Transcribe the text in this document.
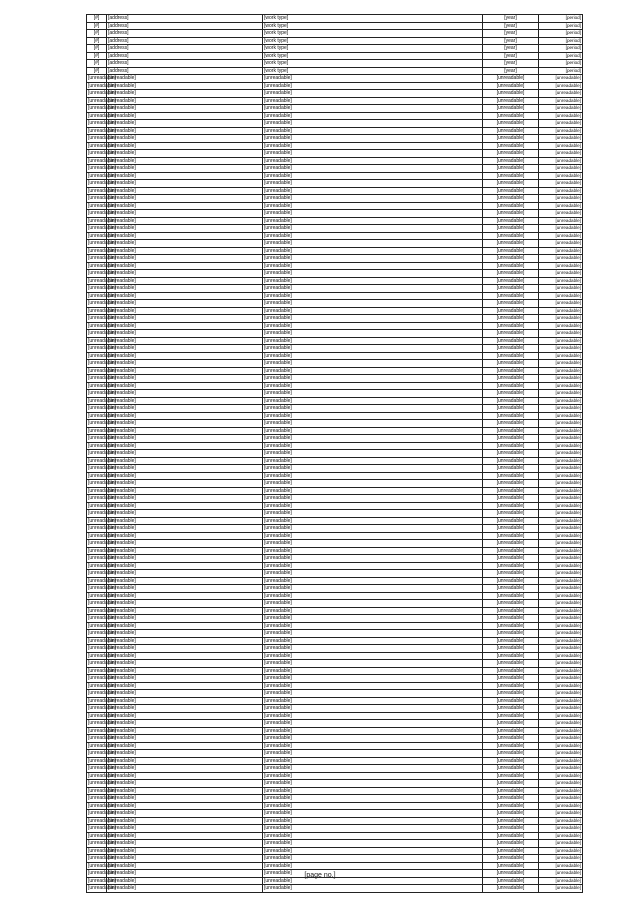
[#]	[address]	[work type]	[year]	[period]
[#]	[address]	[work type]	[year]	[period]
[#]	[address]	[work type]	[year]	[period]
[#]	[address]	[work type]	[year]	[period]
[#]	[address]	[work type]	[year]	[period]
[#]	[address]	[work type]	[year]	[period]
[#]	[address]	[work type]	[year]	[period]
[#]	[address]	[work type]	[year]	[period]
[unreadable]	[unreadable]	[unreadable]	[unreadable]	[unreadable]
[unreadable]	[unreadable]	[unreadable]	[unreadable]	[unreadable]
[unreadable]	[unreadable]	[unreadable]	[unreadable]	[unreadable]
[unreadable]	[unreadable]	[unreadable]	[unreadable]	[unreadable]
[unreadable]	[unreadable]	[unreadable]	[unreadable]	[unreadable]
[unreadable]	[unreadable]	[unreadable]	[unreadable]	[unreadable]
[unreadable]	[unreadable]	[unreadable]	[unreadable]	[unreadable]
[unreadable]	[unreadable]	[unreadable]	[unreadable]	[unreadable]
[unreadable]	[unreadable]	[unreadable]	[unreadable]	[unreadable]
[unreadable]	[unreadable]	[unreadable]	[unreadable]	[unreadable]
[unreadable]	[unreadable]	[unreadable]	[unreadable]	[unreadable]
[unreadable]	[unreadable]	[unreadable]	[unreadable]	[unreadable]
[unreadable]	[unreadable]	[unreadable]	[unreadable]	[unreadable]
[unreadable]	[unreadable]	[unreadable]	[unreadable]	[unreadable]
[unreadable]	[unreadable]	[unreadable]	[unreadable]	[unreadable]
[unreadable]	[unreadable]	[unreadable]	[unreadable]	[unreadable]
[unreadable]	[unreadable]	[unreadable]	[unreadable]	[unreadable]
[unreadable]	[unreadable]	[unreadable]	[unreadable]	[unreadable]
[unreadable]	[unreadable]	[unreadable]	[unreadable]	[unreadable]
[unreadable]	[unreadable]	[unreadable]	[unreadable]	[unreadable]
[unreadable]	[unreadable]	[unreadable]	[unreadable]	[unreadable]
[unreadable]	[unreadable]	[unreadable]	[unreadable]	[unreadable]
[unreadable]	[unreadable]	[unreadable]	[unreadable]	[unreadable]
[unreadable]	[unreadable]	[unreadable]	[unreadable]	[unreadable]
[unreadable]	[unreadable]	[unreadable]	[unreadable]	[unreadable]
[unreadable]	[unreadable]	[unreadable]	[unreadable]	[unreadable]
[unreadable]	[unreadable]	[unreadable]	[unreadable]	[unreadable]
[unreadable]	[unreadable]	[unreadable]	[unreadable]	[unreadable]
[unreadable]	[unreadable]	[unreadable]	[unreadable]	[unreadable]
[unreadable]	[unreadable]	[unreadable]	[unreadable]	[unreadable]
[unreadable]	[unreadable]	[unreadable]	[unreadable]	[unreadable]
[unreadable]	[unreadable]	[unreadable]	[unreadable]	[unreadable]
[unreadable]	[unreadable]	[unreadable]	[unreadable]	[unreadable]
[unreadable]	[unreadable]	[unreadable]	[unreadable]	[unreadable]
[unreadable]	[unreadable]	[unreadable]	[unreadable]	[unreadable]
[unreadable]	[unreadable]	[unreadable]	[unreadable]	[unreadable]
[unreadable]	[unreadable]	[unreadable]	[unreadable]	[unreadable]
[unreadable]	[unreadable]	[unreadable]	[unreadable]	[unreadable]
[unreadable]	[unreadable]	[unreadable]	[unreadable]	[unreadable]
[unreadable]	[unreadable]	[unreadable]	[unreadable]	[unreadable]
[unreadable]	[unreadable]	[unreadable]	[unreadable]	[unreadable]
[unreadable]	[unreadable]	[unreadable]	[unreadable]	[unreadable]
[unreadable]	[unreadable]	[unreadable]	[unreadable]	[unreadable]
[unreadable]	[unreadable]	[unreadable]	[unreadable]	[unreadable]
[unreadable]	[unreadable]	[unreadable]	[unreadable]	[unreadable]
[unreadable]	[unreadable]	[unreadable]	[unreadable]	[unreadable]
[unreadable]	[unreadable]	[unreadable]	[unreadable]	[unreadable]
[unreadable]	[unreadable]	[unreadable]	[unreadable]	[unreadable]
[unreadable]	[unreadable]	[unreadable]	[unreadable]	[unreadable]
[unreadable]	[unreadable]	[unreadable]	[unreadable]	[unreadable]
[unreadable]	[unreadable]	[unreadable]	[unreadable]	[unreadable]
[unreadable]	[unreadable]	[unreadable]	[unreadable]	[unreadable]
[unreadable]	[unreadable]	[unreadable]	[unreadable]	[unreadable]
[unreadable]	[unreadable]	[unreadable]	[unreadable]	[unreadable]
[unreadable]	[unreadable]	[unreadable]	[unreadable]	[unreadable]
[unreadable]	[unreadable]	[unreadable]	[unreadable]	[unreadable]
[unreadable]	[unreadable]	[unreadable]	[unreadable]	[unreadable]
[unreadable]	[unreadable]	[unreadable]	[unreadable]	[unreadable]
[unreadable]	[unreadable]	[unreadable]	[unreadable]	[unreadable]
[unreadable]	[unreadable]	[unreadable]	[unreadable]	[unreadable]
[unreadable]	[unreadable]	[unreadable]	[unreadable]	[unreadable]
[unreadable]	[unreadable]	[unreadable]	[unreadable]	[unreadable]
[unreadable]	[unreadable]	[unreadable]	[unreadable]	[unreadable]
[unreadable]	[unreadable]	[unreadable]	[unreadable]	[unreadable]
[unreadable]	[unreadable]	[unreadable]	[unreadable]	[unreadable]
[unreadable]	[unreadable]	[unreadable]	[unreadable]	[unreadable]
[unreadable]	[unreadable]	[unreadable]	[unreadable]	[unreadable]
[unreadable]	[unreadable]	[unreadable]	[unreadable]	[unreadable]
[unreadable]	[unreadable]	[unreadable]	[unreadable]	[unreadable]
[unreadable]	[unreadable]	[unreadable]	[unreadable]	[unreadable]
[unreadable]	[unreadable]	[unreadable]	[unreadable]	[unreadable]
[unreadable]	[unreadable]	[unreadable]	[unreadable]	[unreadable]
[unreadable]	[unreadable]	[unreadable]	[unreadable]	[unreadable]
[unreadable]	[unreadable]	[unreadable]	[unreadable]	[unreadable]
[unreadable]	[unreadable]	[unreadable]	[unreadable]	[unreadable]
[unreadable]	[unreadable]	[unreadable]	[unreadable]	[unreadable]
[unreadable]	[unreadable]	[unreadable]	[unreadable]	[unreadable]
[unreadable]	[unreadable]	[unreadable]	[unreadable]	[unreadable]
[unreadable]	[unreadable]	[unreadable]	[unreadable]	[unreadable]
[unreadable]	[unreadable]	[unreadable]	[unreadable]	[unreadable]
[unreadable]	[unreadable]	[unreadable]	[unreadable]	[unreadable]
[unreadable]	[unreadable]	[unreadable]	[unreadable]	[unreadable]
[unreadable]	[unreadable]	[unreadable]	[unreadable]	[unreadable]
[unreadable]	[unreadable]	[unreadable]	[unreadable]	[unreadable]
[unreadable]	[unreadable]	[unreadable]	[unreadable]	[unreadable]
[unreadable]	[unreadable]	[unreadable]	[unreadable]	[unreadable]
[unreadable]	[unreadable]	[unreadable]	[unreadable]	[unreadable]
[unreadable]	[unreadable]	[unreadable]	[unreadable]	[unreadable]
[unreadable]	[unreadable]	[unreadable]	[unreadable]	[unreadable]
[unreadable]	[unreadable]	[unreadable]	[unreadable]	[unreadable]
[unreadable]	[unreadable]	[unreadable]	[unreadable]	[unreadable]
[unreadable]	[unreadable]	[unreadable]	[unreadable]	[unreadable]
[unreadable]	[unreadable]	[unreadable]	[unreadable]	[unreadable]
[unreadable]	[unreadable]	[unreadable]	[unreadable]	[unreadable]
[unreadable]	[unreadable]	[unreadable]	[unreadable]	[unreadable]
[unreadable]	[unreadable]	[unreadable]	[unreadable]	[unreadable]
[unreadable]	[unreadable]	[unreadable]	[unreadable]	[unreadable]
[unreadable]	[unreadable]	[unreadable]	[unreadable]	[unreadable]
[unreadable]	[unreadable]	[unreadable]	[unreadable]	[unreadable]
[unreadable]	[unreadable]	[unreadable]	[unreadable]	[unreadable]
[unreadable]	[unreadable]	[unreadable]	[unreadable]	[unreadable]
[unreadable]	[unreadable]	[unreadable]	[unreadable]	[unreadable]
[unreadable]	[unreadable]	[unreadable]	[unreadable]	[unreadable]
[unreadable]	[unreadable]	[unreadable]	[unreadable]	[unreadable]
[unreadable]	[unreadable]	[unreadable]	[unreadable]	[unreadable]
[unreadable]	[unreadable]	[unreadable]	[unreadable]	[unreadable]
[unreadable]	[unreadable]	[unreadable]	[unreadable]	[unreadable]
[unreadable]	[unreadable]	[unreadable]	[unreadable]	[unreadable]
[unreadable]	[unreadable]	[unreadable]	[unreadable]	[unreadable]
[page no.]
